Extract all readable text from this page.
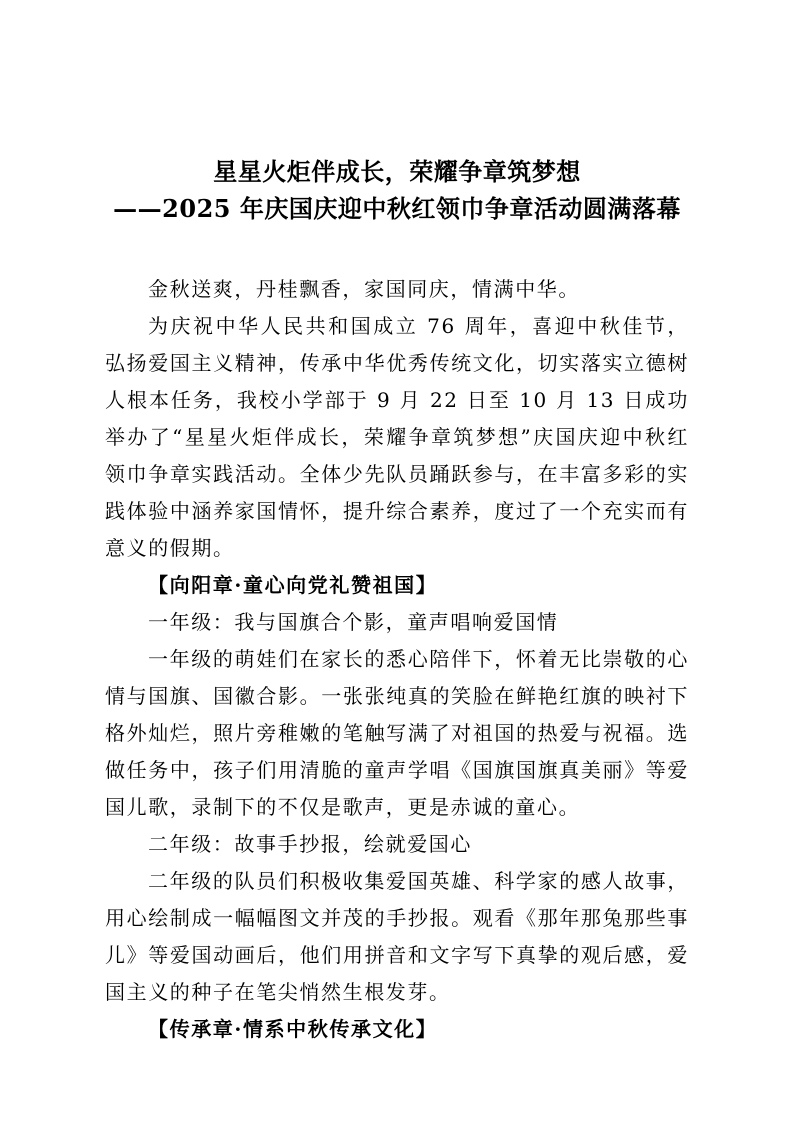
星星火炬伴成长，荣耀争章筑梦想
——2025 年庆国庆迎中秋红领巾争章活动圆满落幕

金秋送爽，丹桂飘香，家国同庆，情满中华。

为庆祝中华人民共和国成立 76 周年，喜迎中秋佳节，弘扬爱国主义精神，传承中华优秀传统文化，切实落实立德树人根本任务，我校小学部于 9 月 22 日至 10 月 13 日成功举办了“星星火炬伴成长，荣耀争章筑梦想”庆国庆迎中秋红领巾争章实践活动。全体少先队员踊跃参与，在丰富多彩的实践体验中涵养家国情怀，提升综合素养，度过了一个充实而有意义的假期。

【向阳章·童心向党礼赞祖国】

一年级：我与国旗合个影，童声唱响爱国情

一年级的萌娃们在家长的悉心陪伴下，怀着无比崇敬的心情与国旗、国徽合影。一张张纯真的笑脸在鲜艳红旗的映衬下格外灿烂，照片旁稚嫩的笔触写满了对祖国的热爱与祝福。选做任务中，孩子们用清脆的童声学唱《国旗国旗真美丽》等爱国儿歌，录制下的不仅是歌声，更是赤诚的童心。

二年级：故事手抄报，绘就爱国心

二年级的队员们积极收集爱国英雄、科学家的感人故事，用心绘制成一幅幅图文并茂的手抄报。观看《那年那兔那些事儿》等爱国动画后，他们用拼音和文字写下真挚的观后感，爱国主义的种子在笔尖悄然生根发芽。

【传承章·情系中秋传承文化】
